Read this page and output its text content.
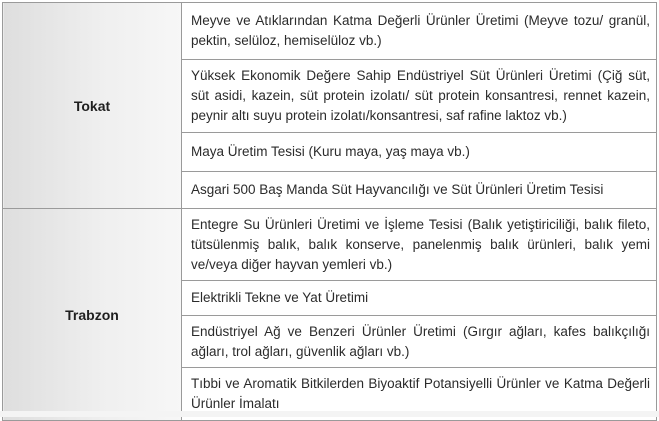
Tokat	Meyve ve Atıklarından Katma Değerli Ürünler Üretimi (Meyve tozu/ granül, pektin, selüloz, hemiselüloz vb.)
	Yüksek Ekonomik Değere Sahip Endüstriyel Süt Ürünleri Üretimi (Çiğ süt, süt asidi, kazein, süt protein izolatı/ süt protein konsantresi, rennet kazein, peynir altı suyu protein izolatı/konsantresi, saf rafine laktoz vb.)
	Maya Üretim Tesisi (Kuru maya, yaş maya vb.)
	Asgari 500 Baş Manda Süt Hayvancılığı ve Süt Ürünleri Üretim Tesisi
Trabzon	Entegre Su Ürünleri Üretimi ve İşleme Tesisi (Balık yetiştiriciliği, balık fileto, tütsülenmiş balık, balık konserve, panelenmiş balık ürünleri, balık yemi ve/veya diğer hayvan yemleri vb.)
	Elektrikli Tekne ve Yat Üretimi
	Endüstriyel Ağ ve Benzeri Ürünler Üretimi (Gırgır ağları, kafes balıkçılığı ağları, trol ağları, güvenlik ağları vb.)
	Tıbbi ve Aromatik Bitkilerden Biyoaktif Potansiyelli Ürünler ve Katma Değerli Ürünler İmalatı
